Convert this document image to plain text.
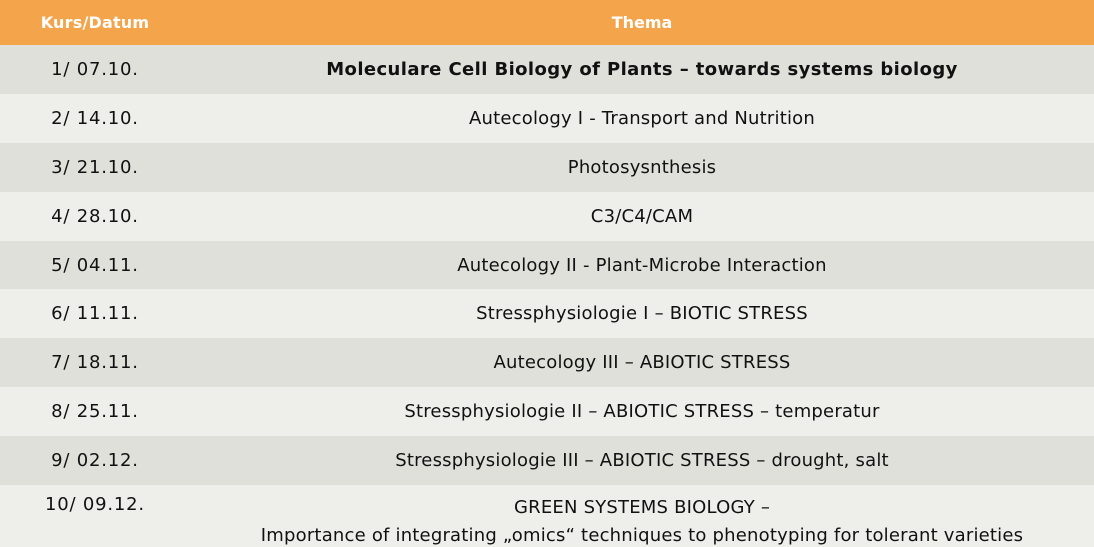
Kurs/Datum	Thema
1/ 07.10.	Moleculare Cell Biology of Plants – towards systems biology
2/ 14.10.	Autecology I - Transport and Nutrition
3/ 21.10.	Photosysnthesis
4/ 28.10.	C3/C4/CAM
5/ 04.11.	Autecology II - Plant-Microbe Interaction
6/ 11.11.	Stressphysiologie I – BIOTIC STRESS
7/ 18.11.	Autecology III – ABIOTIC STRESS
8/ 25.11.	Stressphysiologie II – ABIOTIC STRESS – temperatur
9/ 02.12.	Stressphysiologie III – ABIOTIC STRESS – drought, salt
10/ 09.12.	GREEN SYSTEMS BIOLOGY –
Importance of integrating „omics“ techniques to phenotyping for tolerant varieties
